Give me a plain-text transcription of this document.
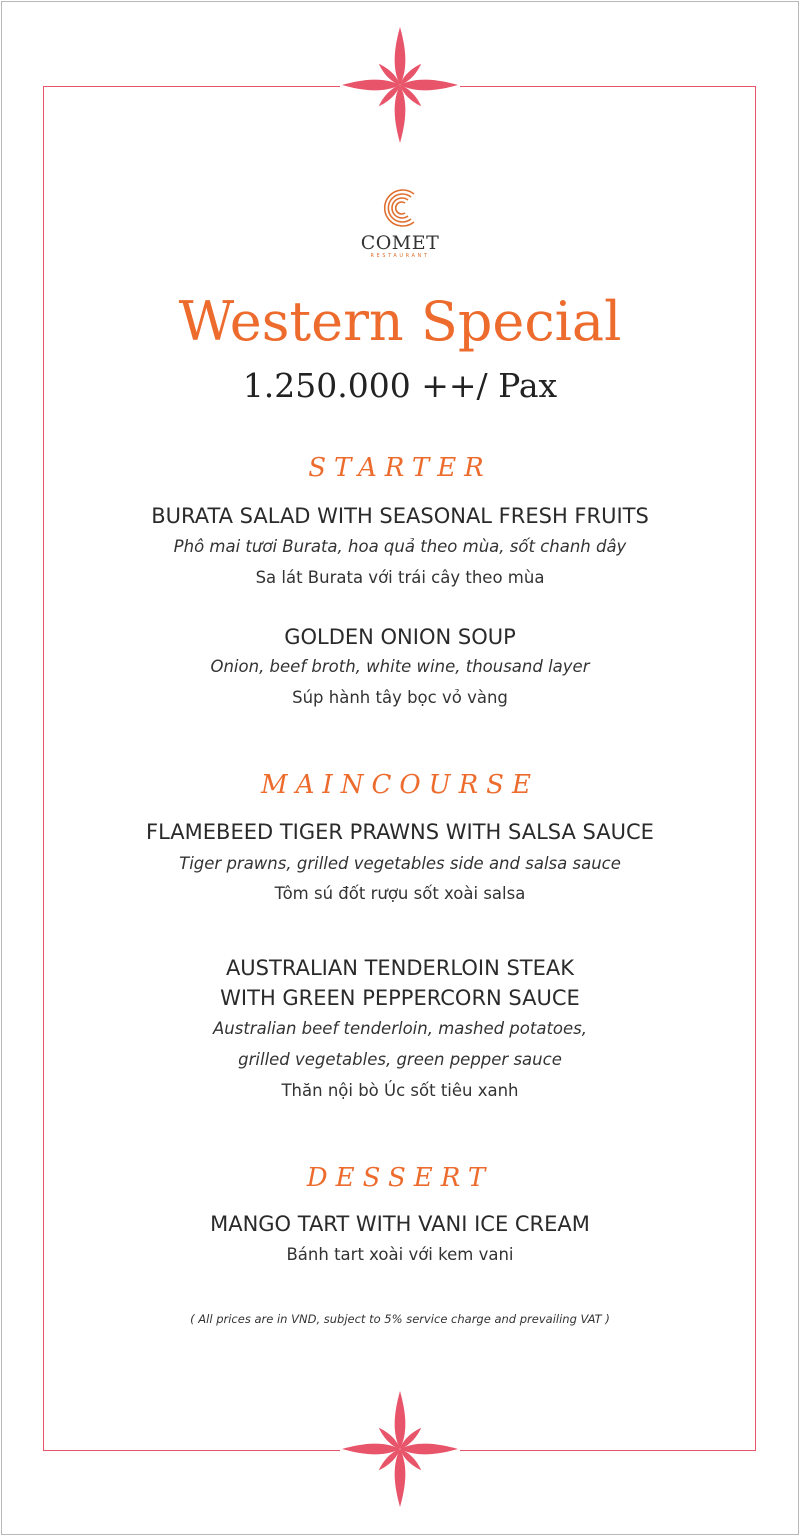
COMET
RESTAURANT
Western Special
1.250.000 ++/ Pax
STARTER
BURATA SALAD WITH SEASONAL FRESH FRUITS
Phô mai tươi Burata, hoa quả theo mùa, sốt chanh dây
Sa lát Burata với trái cây theo mùa
GOLDEN ONION SOUP
Onion, beef broth, white wine, thousand layer
Súp hành tây bọc vỏ vàng
MAINCOURSE
FLAMEBEED TIGER PRAWNS WITH SALSA SAUCE
Tiger prawns, grilled vegetables side and salsa sauce
Tôm sú đốt rượu sốt xoài salsa
AUSTRALIAN TENDERLOIN STEAK
WITH GREEN PEPPERCORN SAUCE
Australian beef tenderloin, mashed potatoes,
grilled vegetables, green pepper sauce
Thăn nội bò Úc sốt tiêu xanh
DESSERT
MANGO TART WITH VANI ICE CREAM
Bánh tart xoài với kem vani
( All prices are in VND, subject to 5% service charge and prevailing VAT )
